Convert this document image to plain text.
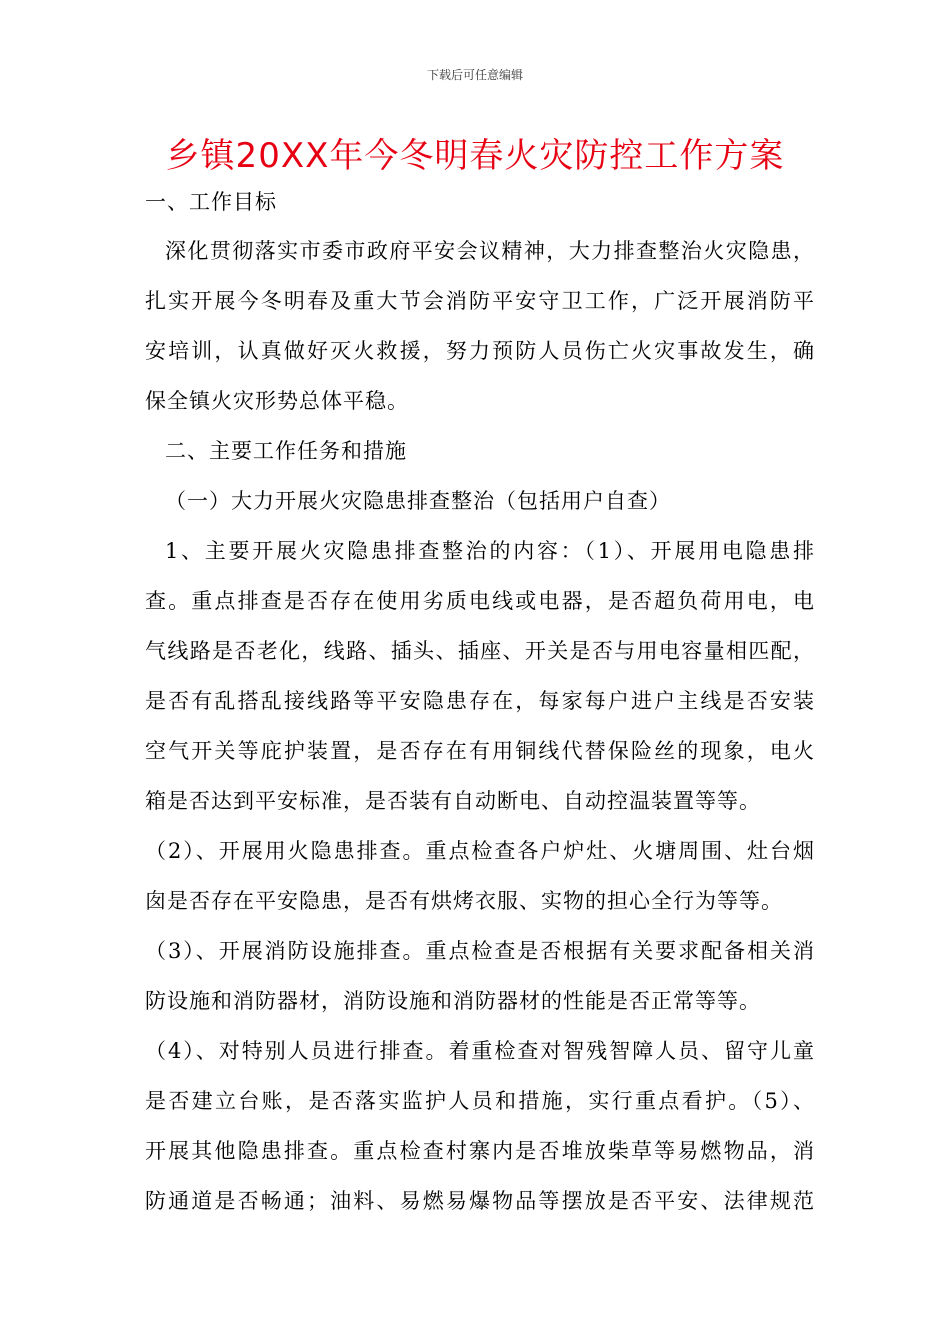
下载后可任意编辑
乡镇20XX年今冬明春火灾防控工作方案
一、工作目标
深化贯彻落实市委市政府平安会议精神，大力排查整治火灾隐患，
扎实开展今冬明春及重大节会消防平安守卫工作，广泛开展消防平
安培训，认真做好灭火救援，努力预防人员伤亡火灾事故发生，确
保全镇火灾形势总体平稳。
二、主要工作任务和措施
（一）大力开展火灾隐患排查整治（包括用户自查）
1、主要开展火灾隐患排查整治的内容：（1）、开展用电隐患排
查。重点排查是否存在使用劣质电线或电器，是否超负荷用电，电
气线路是否老化，线路、插头、插座、开关是否与用电容量相匹配，
是否有乱搭乱接线路等平安隐患存在，每家每户进户主线是否安装
空气开关等庇护装置，是否存在有用铜线代替保险丝的现象，电火
箱是否达到平安标准，是否装有自动断电、自动控温装置等等。
（2）、开展用火隐患排查。重点检查各户炉灶、火塘周围、灶台烟
囱是否存在平安隐患，是否有烘烤衣服、实物的担心全行为等等。
（3）、开展消防设施排查。重点检查是否根据有关要求配备相关消
防设施和消防器材，消防设施和消防器材的性能是否正常等等。
（4）、对特别人员进行排查。着重检查对智残智障人员、留守儿童
是否建立台账，是否落实监护人员和措施，实行重点看护。（5）、
开展其他隐患排查。重点检查村寨内是否堆放柴草等易燃物品，消
防通道是否畅通；油料、易燃易爆物品等摆放是否平安、法律规范
